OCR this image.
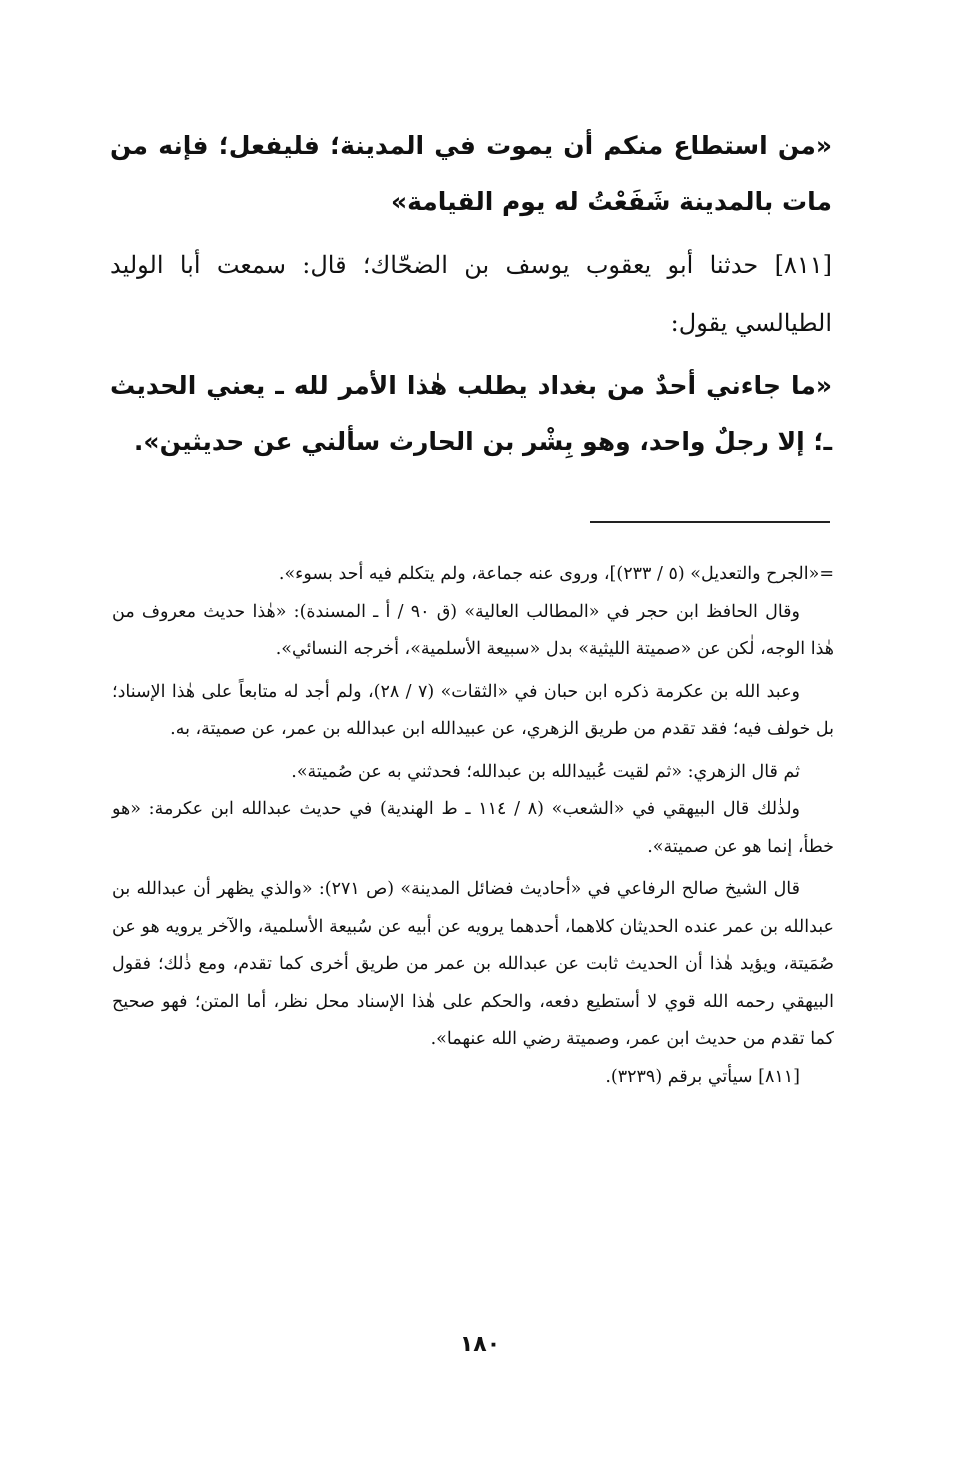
«من استطاع منكم أن يموت في المدينة؛ فليفعل؛ فإنه من مات بالمدينة شَفَعْتُ له يوم القيامة»

[٨١١] حدثنا أبو يعقوب يوسف بن الضحّاك؛ قال: سمعت أبا الوليد الطيالسي يقول:

«ما جاءني أحدٌ من بغداد يطلب هٰذا الأمر لله ـ يعني الحديث ـ؛ إلا رجلٌ واحد، وهو بِشْر بن الحارث سألني عن حديثين».

=«الجرح والتعديل» (٥ / ٢٣٣)]، وروى عنه جماعة، ولم يتكلم فيه أحد بسوء».

وقال الحافظ ابن حجر في «المطالب العالية» (ق ٩٠ / أ ـ المسندة): «هٰذا حديث معروف من هٰذا الوجه، لٰكن عن «صميتة الليثية» بدل «سبيعة الأسلمية»، أخرجه النسائي».

وعبد الله بن عكرمة ذكره ابن حبان في «الثقات» (٧ / ٢٨)، ولم أجد له متابعاً على هٰذا الإسناد؛ بل خولف فيه؛ فقد تقدم من طريق الزهري، عن عبيدالله ابن عبدالله بن عمر، عن صميتة، به.

ثم قال الزهري: «ثم لقيت عُبيدالله بن عبدالله؛ فحدثني به عن صُميتة».

ولذٰلك قال البيهقي في «الشعب» (٨ / ١١٤ ـ ط الهندية) في حديث عبدالله ابن عكرمة: «هو خطأ، إنما هو عن صميتة».

قال الشيخ صالح الرفاعي في «أحاديث فضائل المدينة» (ص ٢٧١): «والذي يظهر أن عبدالله بن عبدالله بن عمر عنده الحديثان كلاهما، أحدهما يرويه عن أبيه عن سُبيعة الأسلمية، والآخر يرويه هو عن صُمَيتة، ويؤيد هٰذا أن الحديث ثابت عن عبدالله بن عمر من طريق أخرى كما تقدم، ومع ذٰلك؛ فقول البيهقي رحمه الله قوي لا أستطيع دفعه، والحكم على هٰذا الإسناد محل نظر، أما المتن؛ فهو صحيح كما تقدم من حديث ابن عمر، وصميتة رضي الله عنهما».

[٨١١] سيأتي برقم (٣٢٣٩).

١٨٠
